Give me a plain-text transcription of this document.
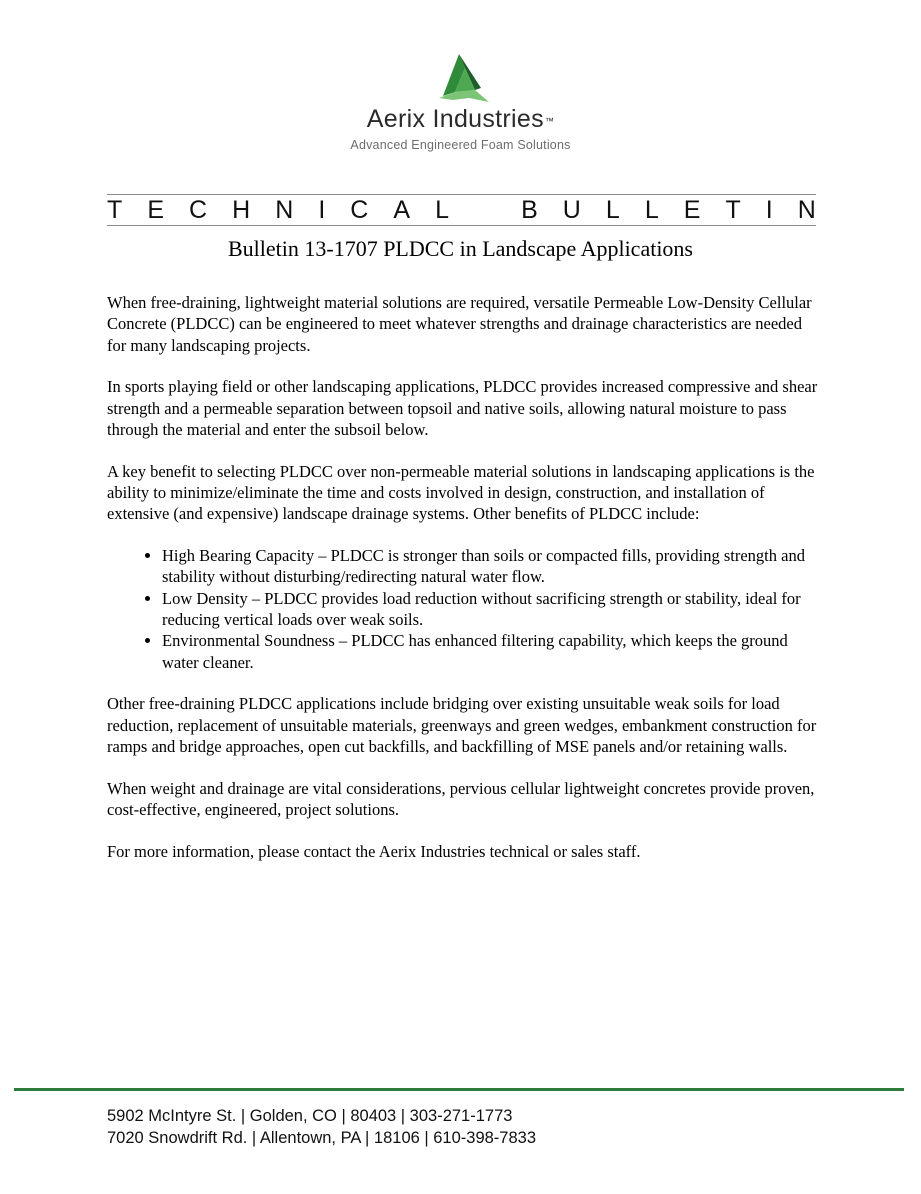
Aerix Industries™
Advanced Engineered Foam Solutions
T E C H N I C A L	B U L L E T I N
Bulletin 13-1707 PLDCC in Landscape Applications

When free-draining, lightweight material solutions are required, versatile Permeable Low-Density Cellular Concrete (PLDCC) can be engineered to meet whatever strengths and drainage characteristics are needed for many landscaping projects.

In sports playing field or other landscaping applications, PLDCC provides increased compressive and shear strength and a permeable separation between topsoil and native soils, allowing natural moisture to pass through the material and enter the subsoil below.

A key benefit to selecting PLDCC over non-permeable material solutions in landscaping applications is the ability to minimize/eliminate the time and costs involved in design, construction, and installation of extensive (and expensive) landscape drainage systems. Other benefits of PLDCC include:

• High Bearing Capacity – PLDCC is stronger than soils or compacted fills, providing strength and stability without disturbing/redirecting natural water flow.
• Low Density – PLDCC provides load reduction without sacrificing strength or stability, ideal for reducing vertical loads over weak soils.
• Environmental Soundness – PLDCC has enhanced filtering capability, which keeps the ground water cleaner.

Other free-draining PLDCC applications include bridging over existing unsuitable weak soils for load reduction, replacement of unsuitable materials, greenways and green wedges, embankment construction for ramps and bridge approaches, open cut backfills, and backfilling of MSE panels and/or retaining walls.

When weight and drainage are vital considerations, pervious cellular lightweight concretes provide proven, cost-effective, engineered, project solutions.

For more information, please contact the Aerix Industries technical or sales staff.

5902 McIntyre St. | Golden, CO | 80403 | 303-271-1773
7020 Snowdrift Rd. | Allentown, PA | 18106 | 610-398-7833
